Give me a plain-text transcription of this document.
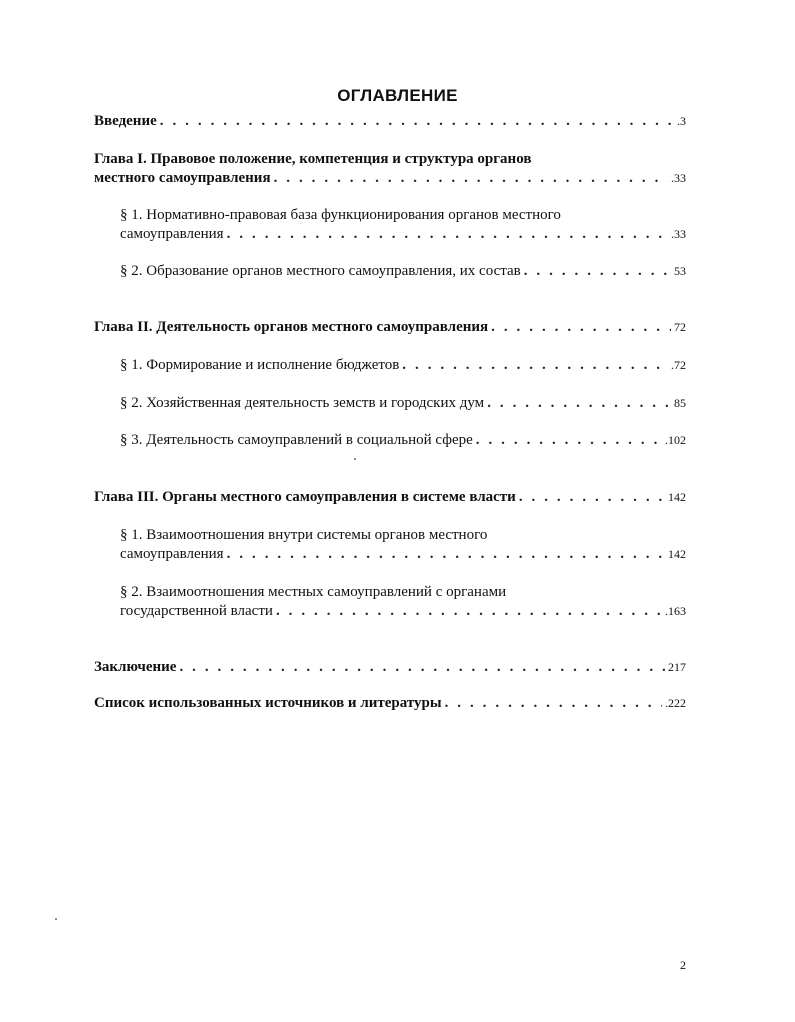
ОГЛАВЛЕНИЕ
Введение . . .	.3
Глава I. Правовое положение, компетенция и структура органов
местного самоуправления . . .	.33
§ 1. Нормативно-правовая база функционирования органов местного
самоуправления . . .	.33
§ 2. Образование органов местного самоуправления, их состав . . .	53
Глава II. Деятельность органов местного самоуправления . . .	72
§ 1. Формирование и исполнение бюджетов . . .	.72
§ 2. Хозяйственная деятельность земств и городских дум . . .	85
§ 3. Деятельность самоуправлений в социальной сфере . . .	.102
Глава III. Органы местного самоуправления в системе власти . . .	142
§ 1. Взаимоотношения внутри системы органов местного
самоуправления . . .	142
§ 2. Взаимоотношения местных самоуправлений с органами
государственной власти . . .	.163
Заключение . . .	217
Список использованных источников и литературы . . .	.222
2
